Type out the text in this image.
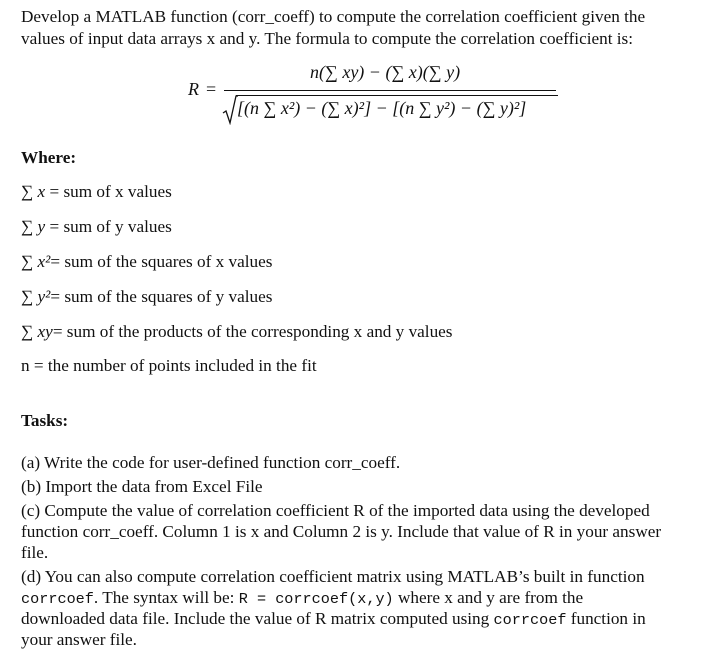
Develop a MATLAB function (corr_coeff) to compute the correlation coefficient given the
values of input data arrays x and y. The formula to compute the correlation coefficient is:
R =
n(∑ xy) − (∑ x)(∑ y)
[(n ∑ x²) − (∑ x)²] − [(n ∑ y²) − (∑ y)²]
Where:
∑ x = sum of x values
∑ y = sum of y values
∑ x²= sum of the squares of x values
∑ y²= sum of the squares of y values
∑ xy= sum of the products of the corresponding x and y values
n = the number of points included in the fit
Tasks:
(a) Write the code for user-defined function corr_coeff.
(b) Import the data from Excel File
(c) Compute the value of correlation coefficient R of the imported data using the developed
function corr_coeff. Column 1 is x and Column 2 is y. Include that value of R in your answer
file.
(d) You can also compute correlation coefficient matrix using MATLAB’s built in function
corrcoef. The syntax will be: R = corrcoef(x,y) where x and y are from the
downloaded data file. Include the value of R matrix computed using corrcoef function in
your answer file.
